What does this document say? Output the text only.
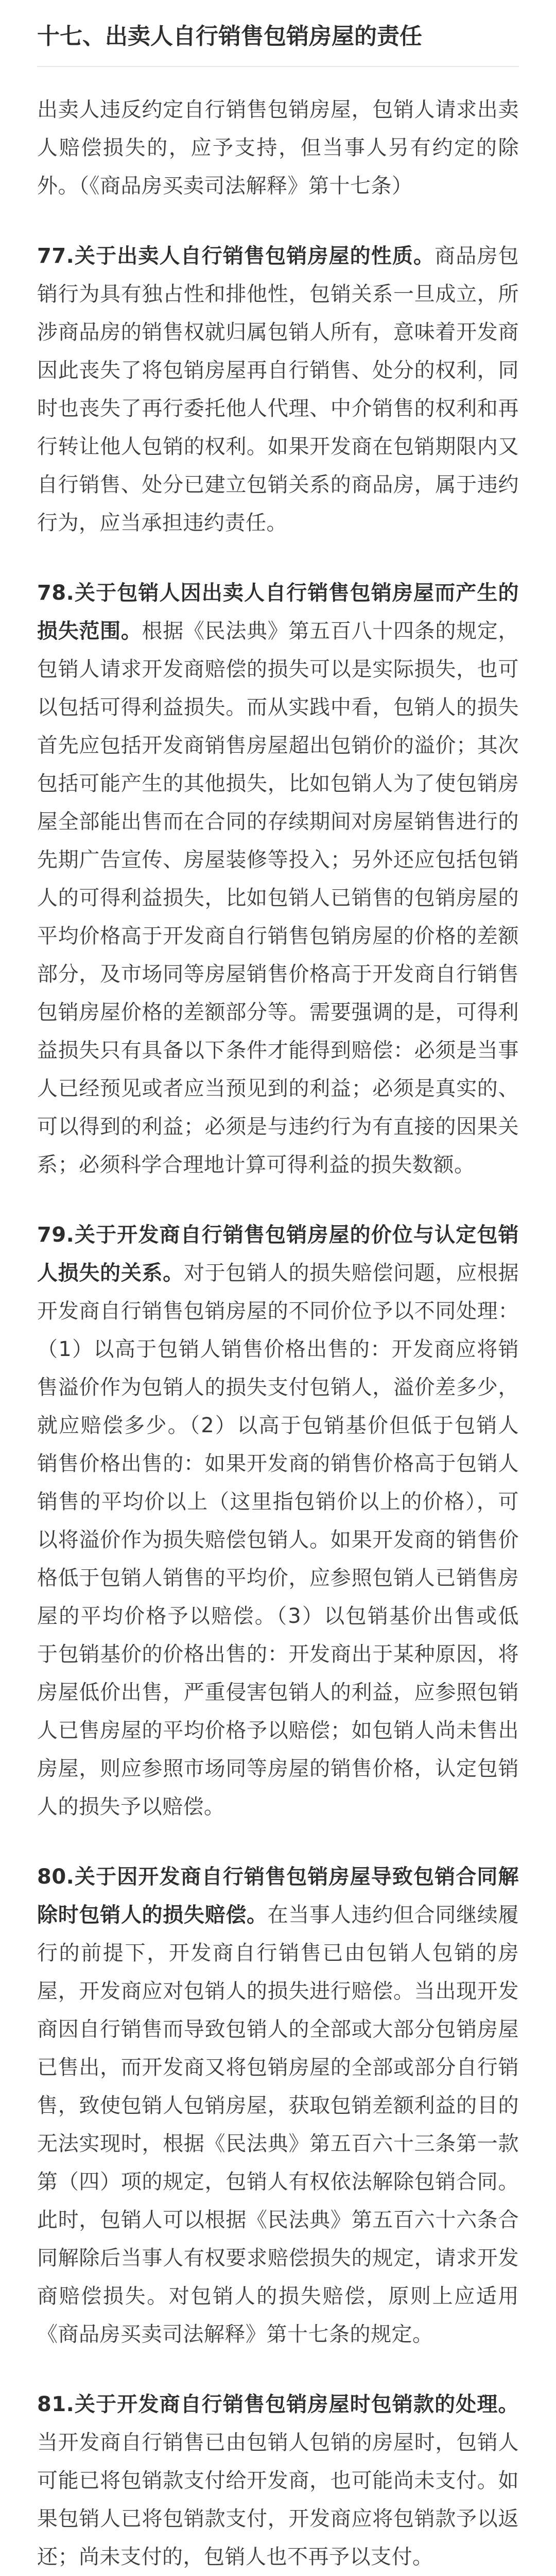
十七、出卖人自行销售包销房屋的责任

出卖人违反约定自行销售包销房屋，包销人请求出卖人赔偿损失的，应予支持，但当事人另有约定的除外。（《商品房买卖司法解释》第十七条）

77.关于出卖人自行销售包销房屋的性质。商品房包销行为具有独占性和排他性，包销关系一旦成立，所涉商品房的销售权就归属包销人所有，意味着开发商因此丧失了将包销房屋再自行销售、处分的权利，同时也丧失了再行委托他人代理、中介销售的权利和再行转让他人包销的权利。如果开发商在包销期限内又自行销售、处分已建立包销关系的商品房，属于违约行为，应当承担违约责任。

78.关于包销人因出卖人自行销售包销房屋而产生的损失范围。根据《民法典》第五百八十四条的规定，包销人请求开发商赔偿的损失可以是实际损失，也可以包括可得利益损失。而从实践中看，包销人的损失首先应包括开发商销售房屋超出包销价的溢价；其次包括可能产生的其他损失，比如包销人为了使包销房屋全部能出售而在合同的存续期间对房屋销售进行的先期广告宣传、房屋装修等投入；另外还应包括包销人的可得利益损失，比如包销人已销售的包销房屋的平均价格高于开发商自行销售包销房屋的价格的差额部分，及市场同等房屋销售价格高于开发商自行销售包销房屋价格的差额部分等。需要强调的是，可得利益损失只有具备以下条件才能得到赔偿：必须是当事人已经预见或者应当预见到的利益；必须是真实的、可以得到的利益；必须是与违约行为有直接的因果关系；必须科学合理地计算可得利益的损失数额。

79.关于开发商自行销售包销房屋的价位与认定包销人损失的关系。对于包销人的损失赔偿问题，应根据开发商自行销售包销房屋的不同价位予以不同处理：（1）以高于包销人销售价格出售的：开发商应将销售溢价作为包销人的损失支付包销人，溢价差多少，就应赔偿多少。（2）以高于包销基价但低于包销人销售价格出售的：如果开发商的销售价格高于包销人销售的平均价以上（这里指包销价以上的价格），可以将溢价作为损失赔偿包销人。如果开发商的销售价格低于包销人销售的平均价，应参照包销人已销售房屋的平均价格予以赔偿。（3）以包销基价出售或低于包销基价的价格出售的：开发商出于某种原因，将房屋低价出售，严重侵害包销人的利益，应参照包销人已售房屋的平均价格予以赔偿；如包销人尚未售出房屋，则应参照市场同等房屋的销售价格，认定包销人的损失予以赔偿。

80.关于因开发商自行销售包销房屋导致包销合同解除时包销人的损失赔偿。在当事人违约但合同继续履行的前提下，开发商自行销售已由包销人包销的房屋，开发商应对包销人的损失进行赔偿。当出现开发商因自行销售而导致包销人的全部或大部分包销房屋已售出，而开发商又将包销房屋的全部或部分自行销售，致使包销人包销房屋，获取包销差额利益的目的无法实现时，根据《民法典》第五百六十三条第一款第（四）项的规定，包销人有权依法解除包销合同。此时，包销人可以根据《民法典》第五百六十六条合同解除后当事人有权要求赔偿损失的规定，请求开发商赔偿损失。对包销人的损失赔偿，原则上应适用《商品房买卖司法解释》第十七条的规定。

81.关于开发商自行销售包销房屋时包销款的处理。当开发商自行销售已由包销人包销的房屋时，包销人可能已将包销款支付给开发商，也可能尚未支付。如果包销人已将包销款支付，开发商应将包销款予以返还；尚未支付的，包销人也不再予以支付。
